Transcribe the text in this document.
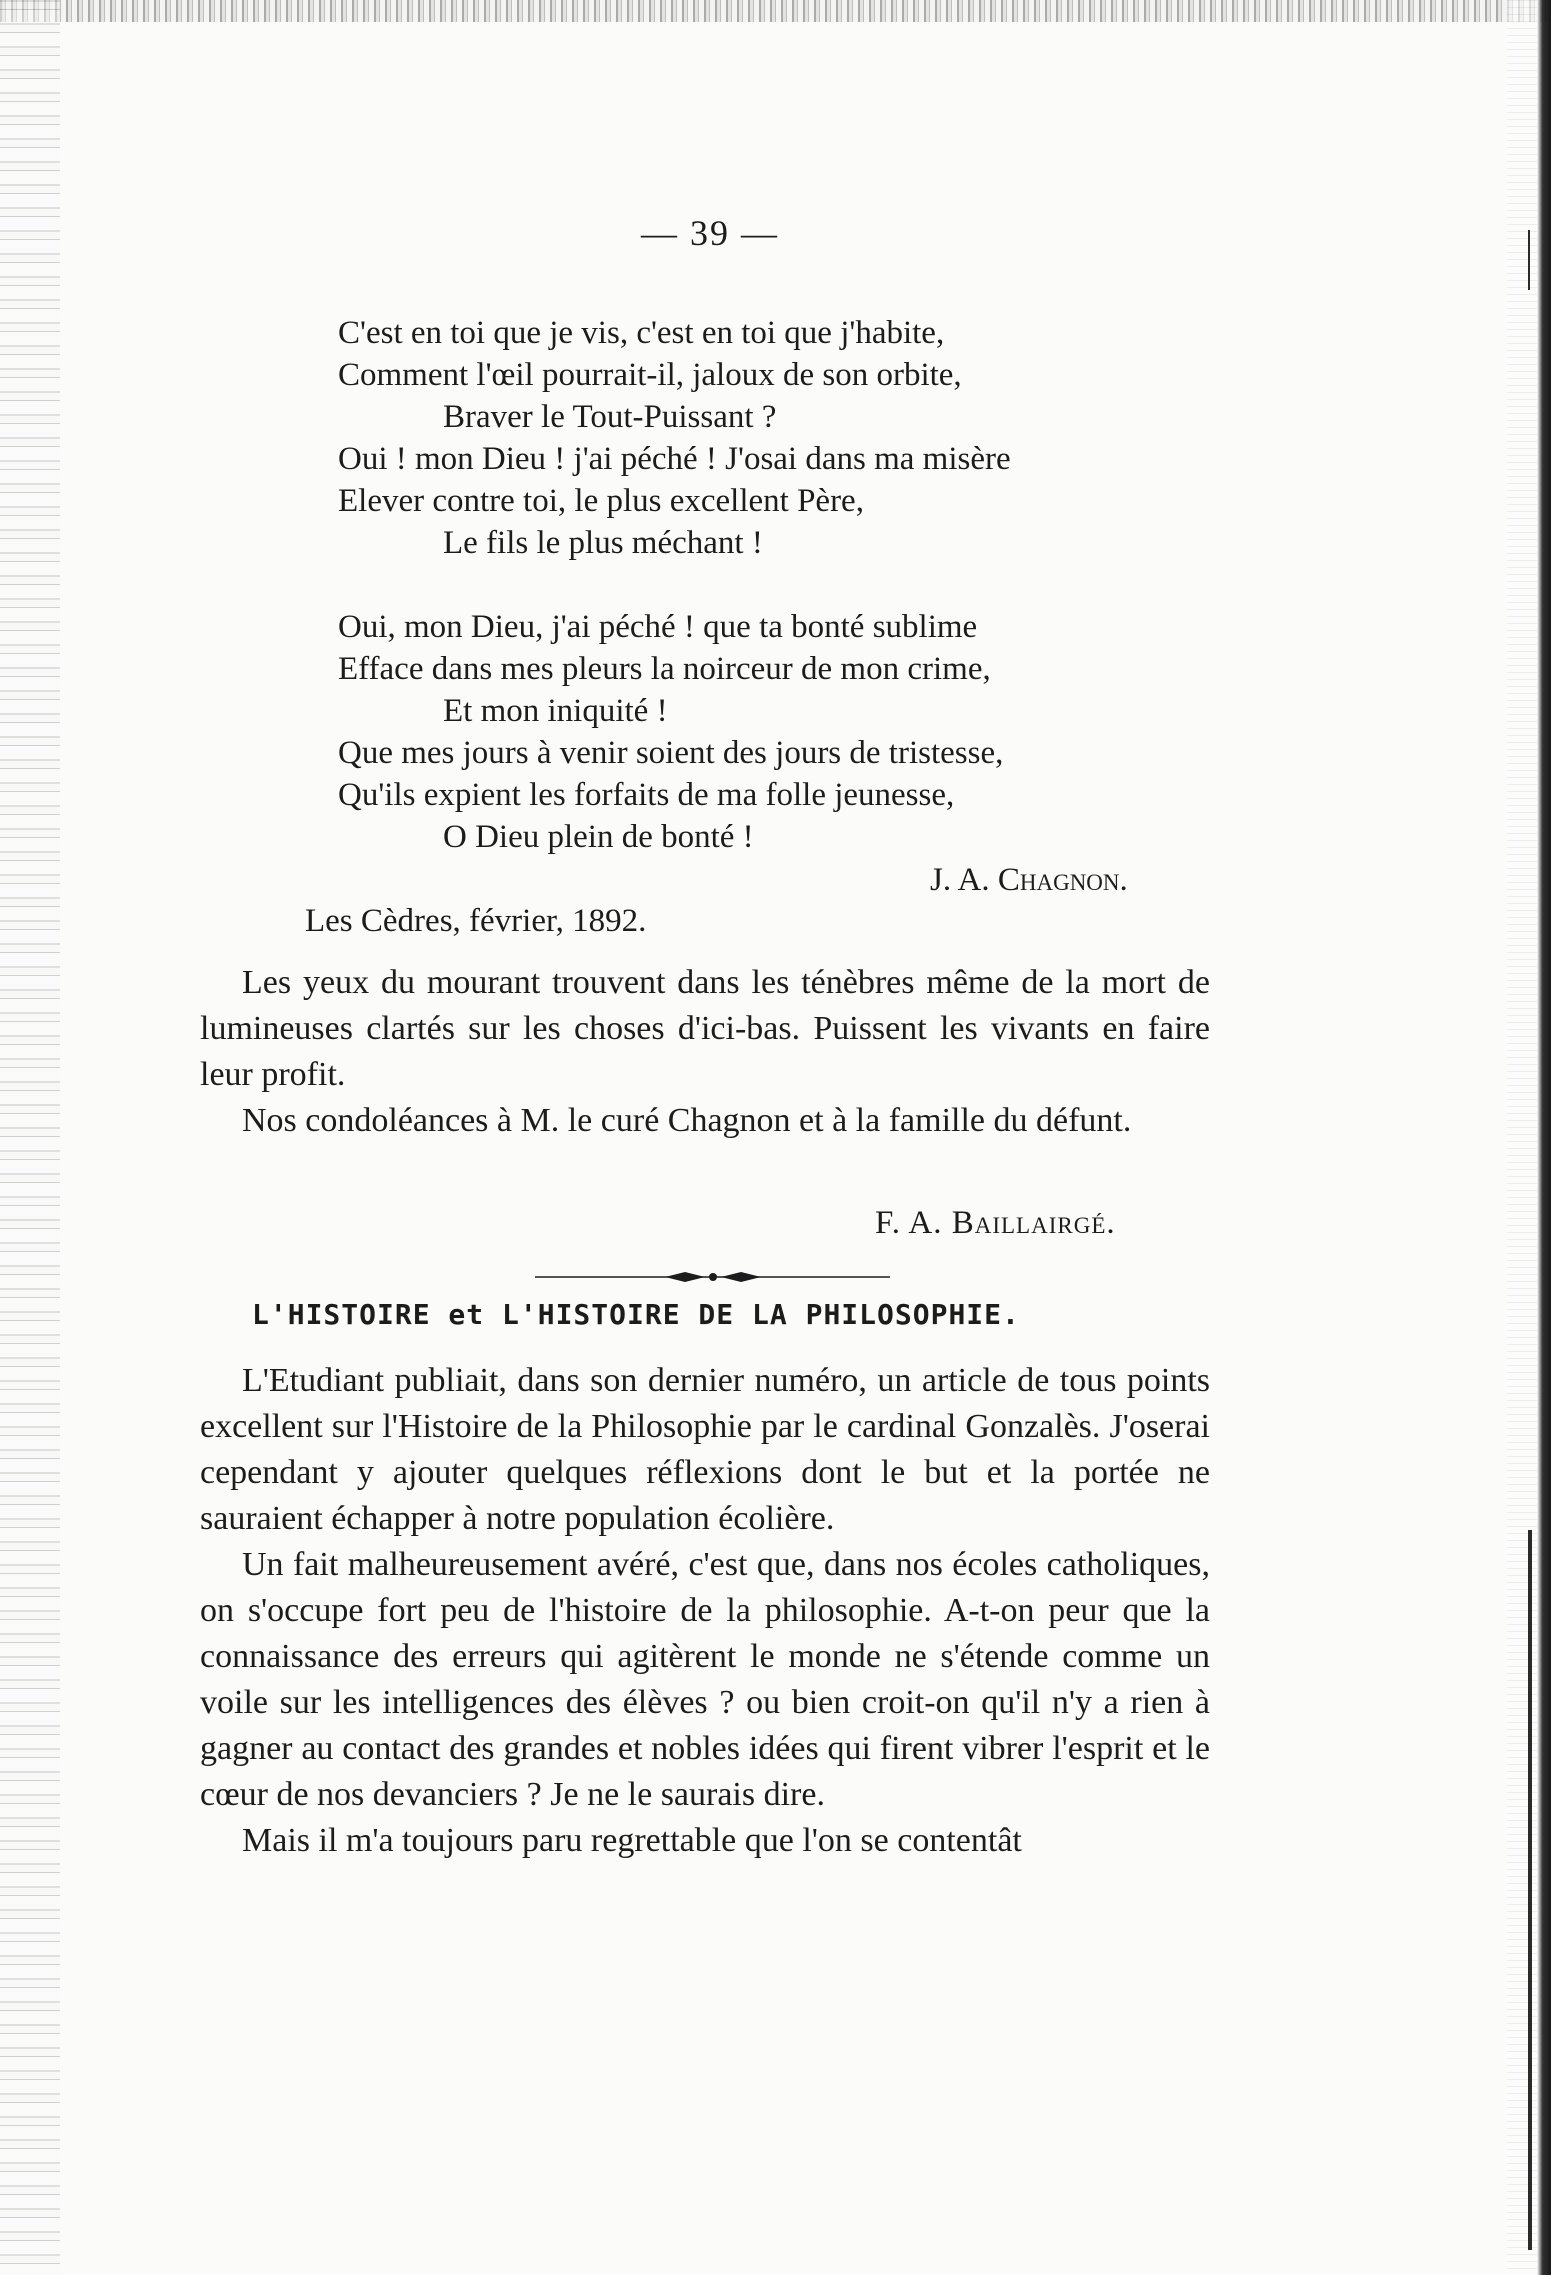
— 39 —
C'est en toi que je vis, c'est en toi que j'habite,
Comment l'œil pourrait-il, jaloux de son orbite,
Braver le Tout-Puissant ?
Oui ! mon Dieu ! j'ai péché ! J'osai dans ma misère
Elever contre toi, le plus excellent Père,
Le fils le plus méchant !
Oui, mon Dieu, j'ai péché ! que ta bonté sublime
Efface dans mes pleurs la noirceur de mon crime,
Et mon iniquité !
Que mes jours à venir soient des jours de tristesse,
Qu'ils expient les forfaits de ma folle jeunesse,
O Dieu plein de bonté !
J. A. Chagnon.
Les Cèdres, février, 1892.

Les yeux du mourant trouvent dans les ténèbres même de la mort de lumineuses clartés sur les choses d'ici-bas. Puissent les vivants en faire leur profit.

Nos condoléances à M. le curé Chagnon et à la famille du défunt.

F. A. Baillairgé.
L'HISTOIRE et L'HISTOIRE DE LA PHILOSOPHIE.

L'Etudiant publiait, dans son dernier numéro, un article de tous points excellent sur l'Histoire de la Philosophie par le cardinal Gonzalès. J'oserai cependant y ajouter quelques réflexions dont le but et la portée ne sauraient échapper à notre population écolière.

Un fait malheureusement avéré, c'est que, dans nos écoles catholiques, on s'occupe fort peu de l'histoire de la philosophie. A-t-on peur que la connaissance des erreurs qui agitèrent le monde ne s'étende comme un voile sur les intelligences des élèves ? ou bien croit-on qu'il n'y a rien à gagner au contact des grandes et nobles idées qui firent vibrer l'esprit et le cœur de nos devanciers ? Je ne le saurais dire.

Mais il m'a toujours paru regrettable que l'on se contentât
